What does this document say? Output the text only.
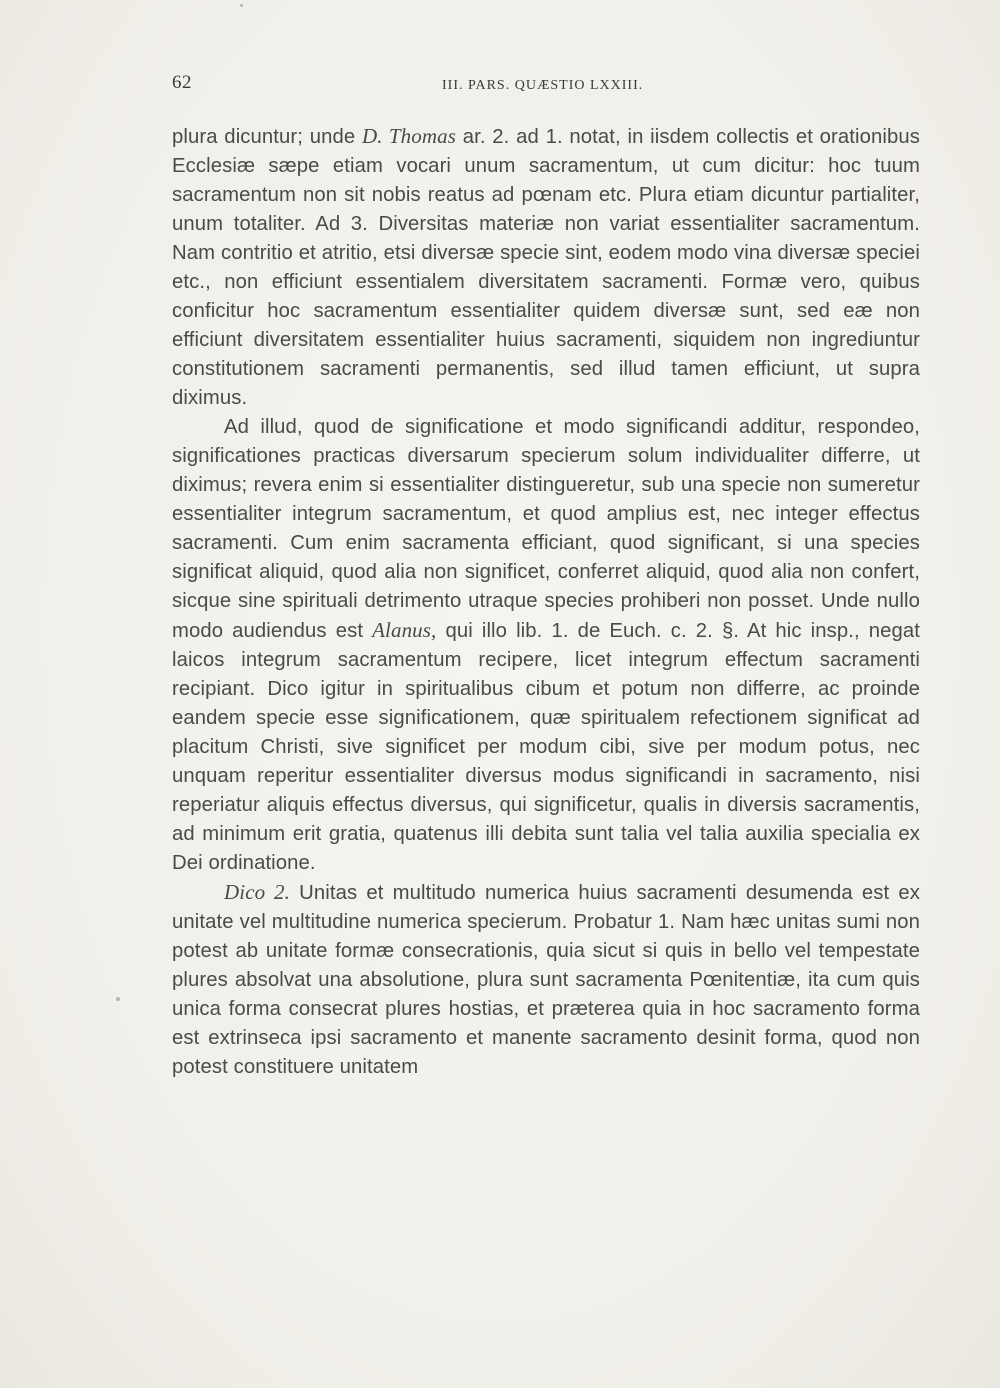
62	III. PARS. QUÆSTIO LXXIII.

plura dicuntur; unde D. Thomas ar. 2. ad 1. notat, in iisdem collectis et orationibus Ecclesiæ sæpe etiam vocari unum sacramentum, ut cum dicitur: hoc tuum sacramentum non sit nobis reatus ad pœnam etc. Plura etiam dicuntur partialiter, unum totaliter. Ad 3. Diversitas materiæ non variat essentialiter sacramentum. Nam contritio et atritio, etsi diversæ specie sint, eodem modo vina diversæ speciei etc., non efficiunt essentialem diversitatem sacramenti. Formæ vero, quibus conficitur hoc sacramentum essentialiter quidem diversæ sunt, sed eæ non efficiunt diversitatem essentialiter huius sacramenti, siquidem non ingrediuntur constitutionem sacramenti permanentis, sed illud tamen efficiunt, ut supra diximus.

Ad illud, quod de significatione et modo significandi additur, respondeo, significationes practicas diversarum specierum solum individualiter differre, ut diximus; revera enim si essentialiter distingueretur, sub una specie non sumeretur essentialiter integrum sacramentum, et quod amplius est, nec integer effectus sacramenti. Cum enim sacramenta efficiant, quod significant, si una species significat aliquid, quod alia non significet, conferret aliquid, quod alia non confert, sicque sine spirituali detrimento utraque species prohiberi non posset. Unde nullo modo audiendus est Alanus, qui illo lib. 1. de Euch. c. 2. §. At hic insp., negat laicos integrum sacramentum recipere, licet integrum effectum sacramenti recipiant. Dico igitur in spiritualibus cibum et potum non differre, ac proinde eandem specie esse significationem, quæ spiritualem refectionem significat ad placitum Christi, sive significet per modum cibi, sive per modum potus, nec unquam reperitur essentialiter diversus modus significandi in sacramento, nisi reperiatur aliquis effectus diversus, qui significetur, qualis in diversis sacramentis, ad minimum erit gratia, quatenus illi debita sunt talia vel talia auxilia specialia ex Dei ordinatione.

Dico 2. Unitas et multitudo numerica huius sacramenti desumenda est ex unitate vel multitudine numerica specierum. Probatur 1. Nam hæc unitas sumi non potest ab unitate formæ consecrationis, quia sicut si quis in bello vel tempestate plures absolvat una absolutione, plura sunt sacramenta Pœnitentiæ, ita cum quis unica forma consecrat plures hostias, et præterea quia in hoc sacramento forma est extrinseca ipsi sacramento et manente sacramento desinit forma, quod non potest constituere unitatem
